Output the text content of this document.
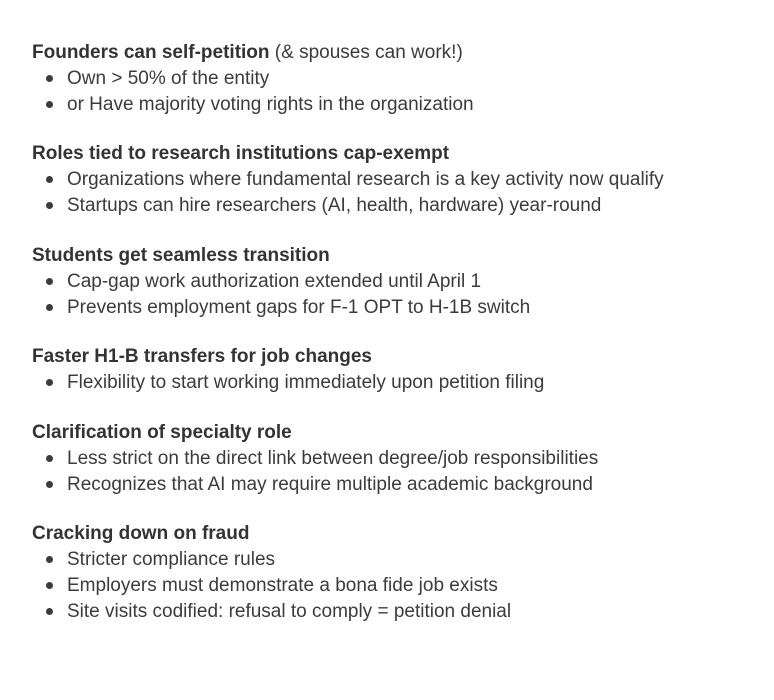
Founders can self-petition (& spouses can work!)
Own > 50% of the entity
or Have majority voting rights in the organization
Roles tied to research institutions cap-exempt
Organizations where fundamental research is a key activity now qualify
Startups can hire researchers (AI, health, hardware) year-round
Students get seamless transition
Cap-gap work authorization extended until April 1
Prevents employment gaps for F-1 OPT to H-1B switch
Faster H1-B transfers for job changes
Flexibility to start working immediately upon petition filing
Clarification of specialty role
Less strict on the direct link between degree/job responsibilities
Recognizes that AI may require multiple academic background
Cracking down on fraud
Stricter compliance rules
Employers must demonstrate a bona fide job exists
Site visits codified: refusal to comply = petition denial
